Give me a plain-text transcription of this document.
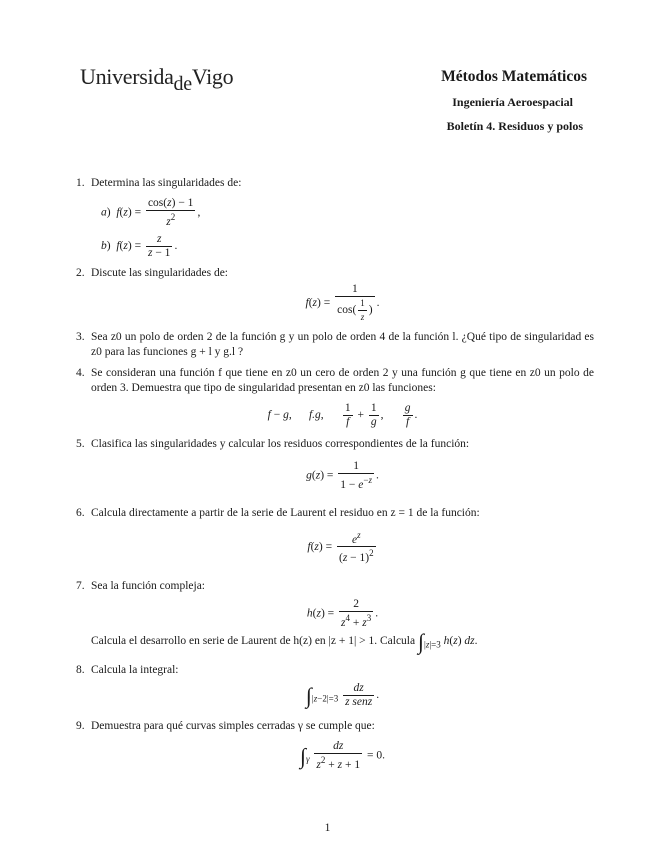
UniversidadeVigo	Métodos Matemáticos
Ingeniería Aeroespacial
Boletín 4. Residuos y polos
1. Determina las singularidades de:
a)  $f(z) = \frac{\cos(z) - 1}{z^2}$ ,
b)  $f(z) = \frac{z}{z - 1}$ .
2. Discute las singularidades de:
$f(z) = \frac{1}{\cos( \frac{1}{z} )}$ .
3. Sea z0 un polo de orden 2 de la función g y un polo de orden 4 de la función l. ¿Qué tipo de singularidad es z0 para las funciones g + l y g.l ?
4. Se consideran una función f que tiene en z0 un cero de orden 2 y una función g que tiene en z0 un polo de orden 3. Demuestra que tipo de singularidad presentan en z0 las funciones:
f − g,      f.g, $\frac{1}{f} + \frac{1}{g}$ , $\frac{g}{f}$ .
5. Clasifica las singularidades y calcular los residuos correspondientes de la función:
$g(z) = \frac{1}{1 - e^{-z}}$ .
6. Calcula directamente a partir de la serie de Laurent el residuo en z = 1 de la función:
$f(z) = \frac{e^z}{(z - 1)^2}$
7. Sea la función compleja:
$h(z) = \frac{2}{z^4 + z^3}$ .
Calcula el desarrollo en serie de Laurent de h(z) en |z + 1| > 1. Calcula $\int_{|z|=3}$ h(z) dz.
8. Calcula la integral:
$\int_{|z-2|=3} \frac{dz}{\text{z senz}}$ .
9. Demuestra para qué curvas simples cerradas γ se cumple que:
$\int_\gamma \frac{dz}{z^2 + z + 1} = 0$.
1
